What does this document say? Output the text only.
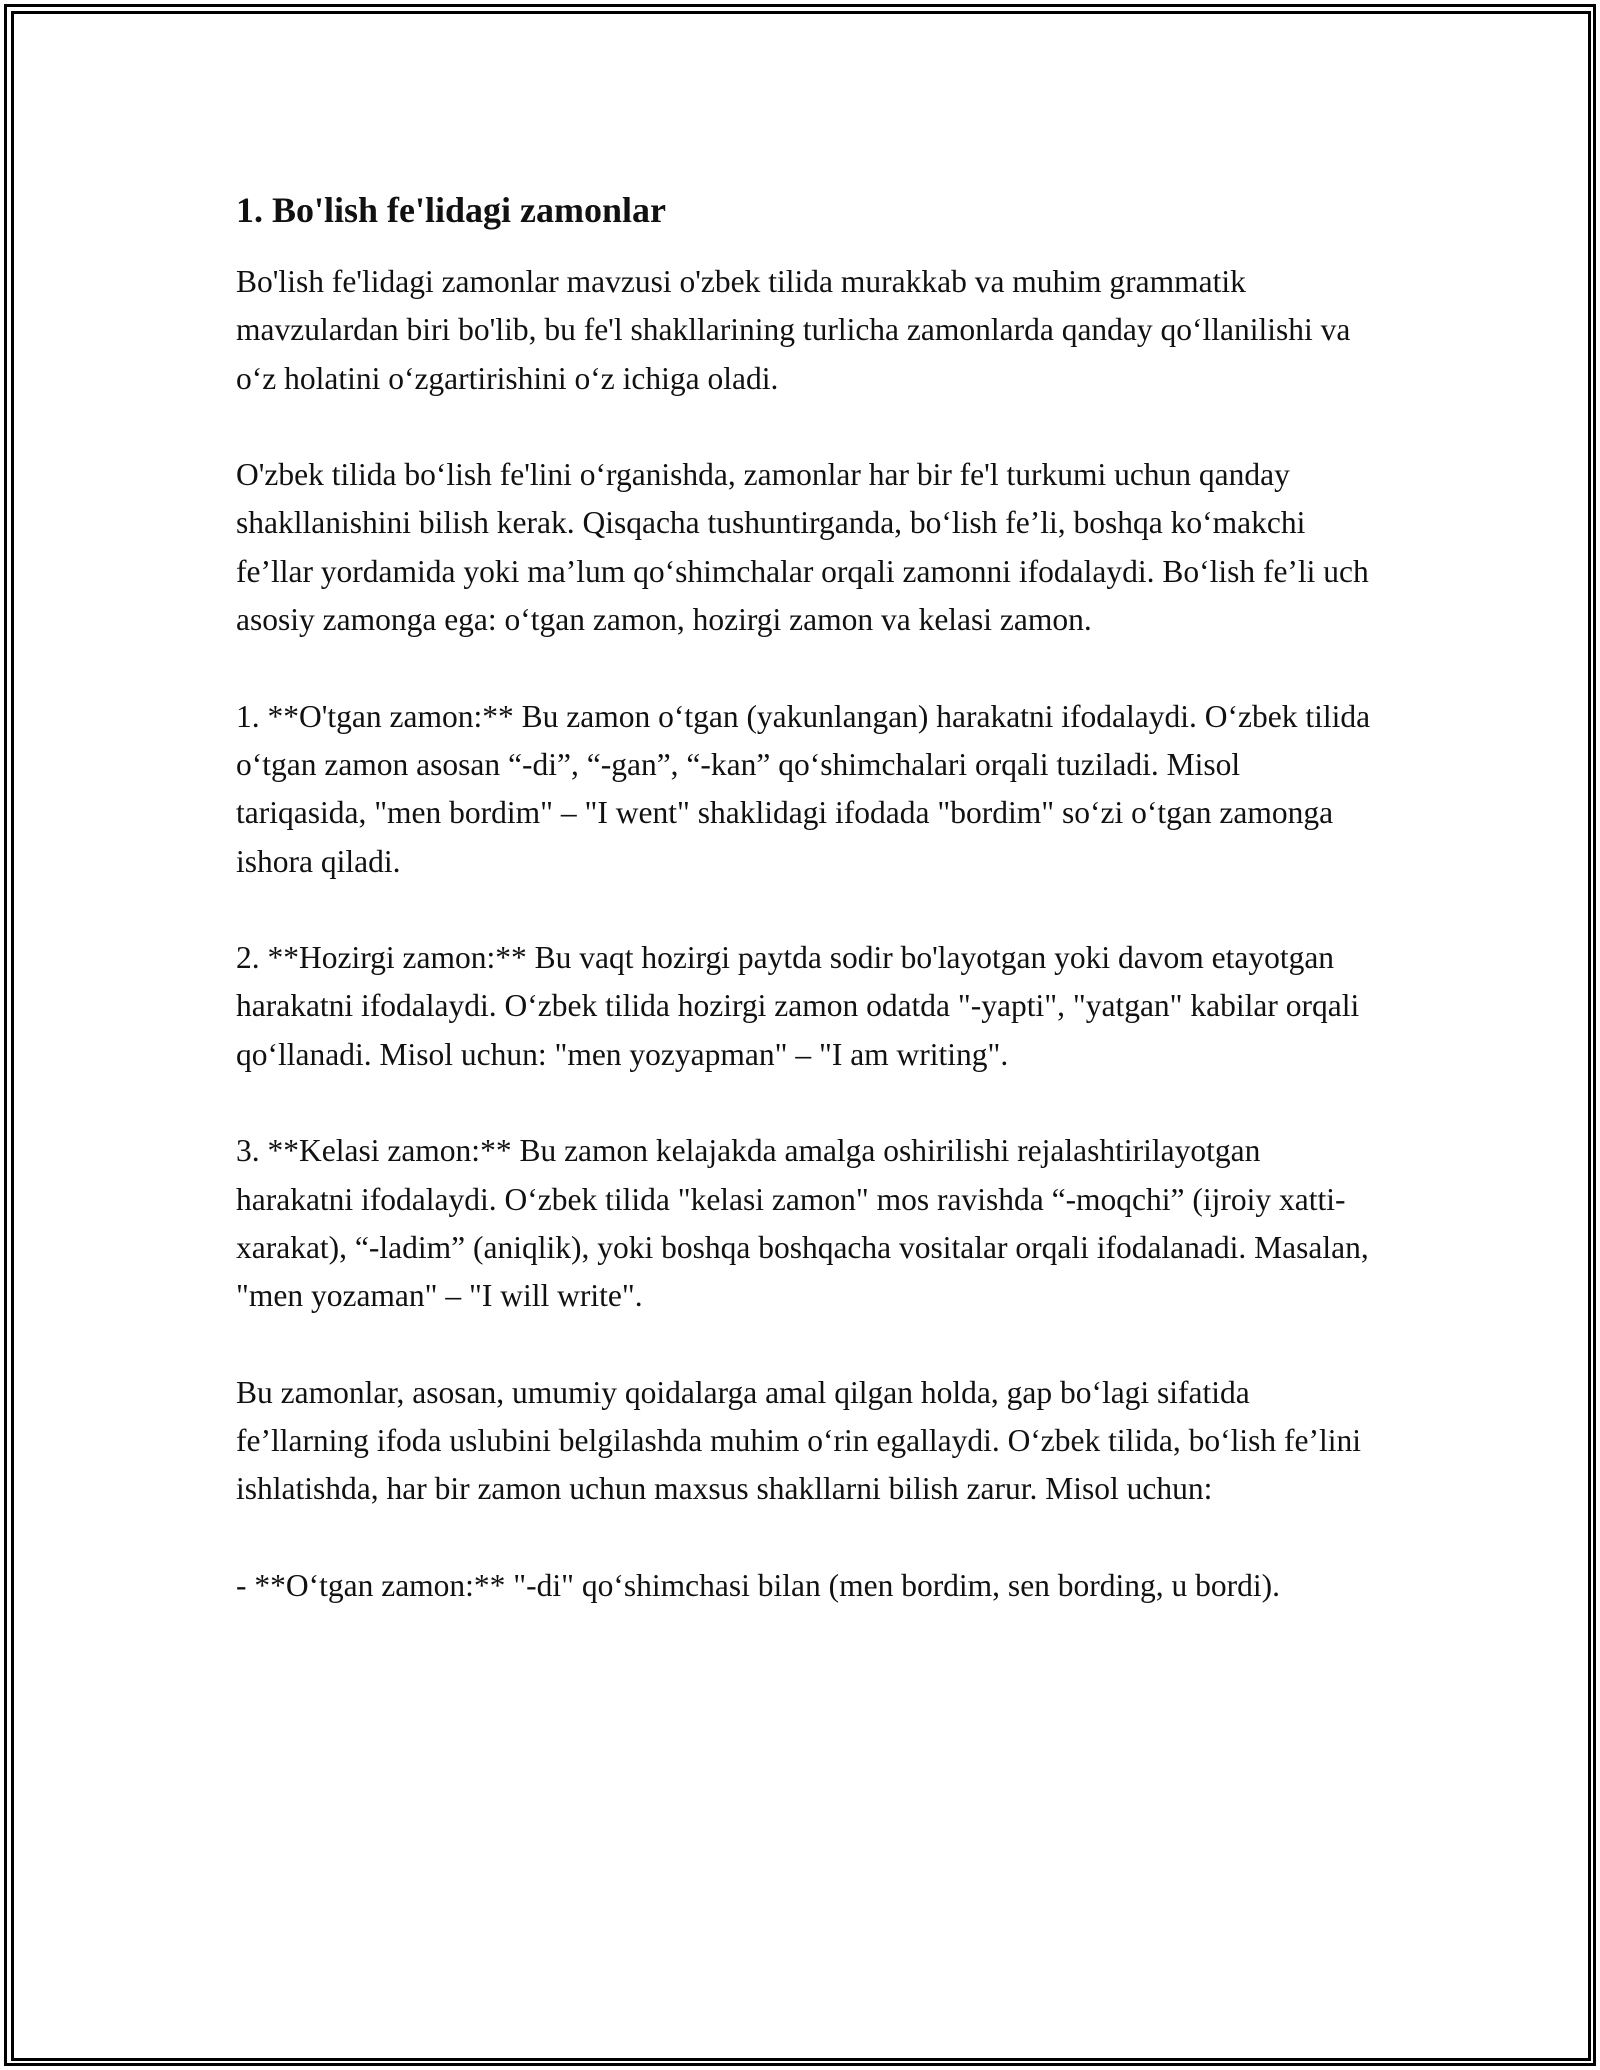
1. Bo'lish fe'lidagi zamonlar

Bo'lish fe'lidagi zamonlar mavzusi o'zbek tilida murakkab va muhim grammatik mavzulardan biri bo'lib, bu fe'l shakllarining turlicha zamonlarda qanday qo‘llanilishi va o‘z holatini o‘zgartirishini o‘z ichiga oladi.

O'zbek tilida bo‘lish fe'lini o‘rganishda, zamonlar har bir fe'l turkumi uchun qanday shakllanishini bilish kerak. Qisqacha tushuntirganda, bo‘lish fe’li, boshqa ko‘makchi fe’llar yordamida yoki ma’lum qo‘shimchalar orqali zamonni ifodalaydi. Bo‘lish fe’li uch asosiy zamonga ega: o‘tgan zamon, hozirgi zamon va kelasi zamon.

1. **O'tgan zamon:** Bu zamon o‘tgan (yakunlangan) harakatni ifodalaydi. O‘zbek tilida o‘tgan zamon asosan “-di”, “-gan”, “-kan” qo‘shimchalari orqali tuziladi. Misol tariqasida, "men bordim" – "I went" shaklidagi ifodada "bordim" so‘zi o‘tgan zamonga ishora qiladi.

2. **Hozirgi zamon:** Bu vaqt hozirgi paytda sodir bo'layotgan yoki davom etayotgan harakatni ifodalaydi. O‘zbek tilida hozirgi zamon odatda "-yapti", "yatgan" kabilar orqali qo‘llanadi. Misol uchun: "men yozyapman" – "I am writing".

3. **Kelasi zamon:** Bu zamon kelajakda amalga oshirilishi rejalashtirilayotgan harakatni ifodalaydi. O‘zbek tilida "kelasi zamon" mos ravishda “-moqchi” (ijroiy xatti-xarakat), “-ladim” (aniqlik), yoki boshqa boshqacha vositalar orqali ifodalanadi. Masalan, "men yozaman" – "I will write".

Bu zamonlar, asosan, umumiy qoidalarga amal qilgan holda, gap bo‘lagi sifatida fe’llarning ifoda uslubini belgilashda muhim o‘rin egallaydi. O‘zbek tilida, bo‘lish fe’lini ishlatishda, har bir zamon uchun maxsus shakllarni bilish zarur. Misol uchun:

- **O‘tgan zamon:** "-di" qo‘shimchasi bilan (men bordim, sen bording, u bordi).
